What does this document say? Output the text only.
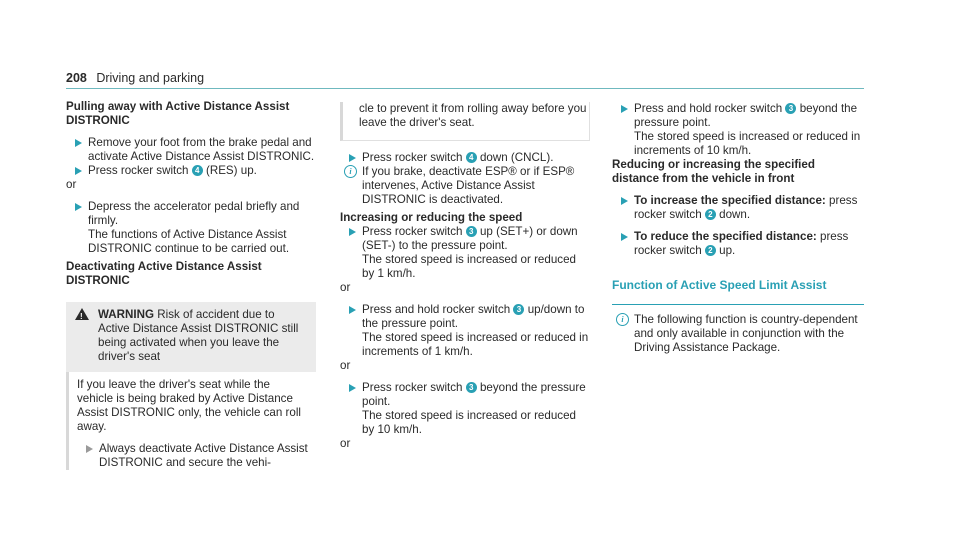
208 Driving and parking

Pulling away with Active Distance Assist DISTRONIC

Remove your foot from the brake pedal and activate Active Distance Assist DISTRONIC.
Press rocker switch 4 (RES) up.

or

Depress the accelerator pedal briefly and firmly.
The functions of Active Distance Assist DISTRONIC continue to be carried out.

Deactivating Active Distance Assist DISTRONIC

!
WARNING Risk of accident due to Active Distance Assist DISTRONIC still being activated when you leave the driver's seat

If you leave the driver's seat while the vehicle is being braked by Active Distance Assist DISTRONIC only, the vehicle can roll away.

Always deactivate Active Distance Assist DISTRONIC and secure the vehi-
cle to prevent it from rolling away before you leave the driver's seat.
Press rocker switch 4 down (CNCL).
i If you brake, deactivate ESP® or if ESP® intervenes, Active Distance Assist DISTRONIC is deactivated.

Increasing or reducing the speed

Press rocker switch 3 up (SET+) or down (SET-) to the pressure point.
The stored speed is increased or reduced by 1 km/h.

or

Press and hold rocker switch 3 up/down to the pressure point.
The stored speed is increased or reduced in increments of 1 km/h.

or

Press rocker switch 3 beyond the pressure point.
The stored speed is increased or reduced by 10 km/h.

or

Press and hold rocker switch 3 beyond the pressure point.
The stored speed is increased or reduced in increments of 10 km/h.

Reducing or increasing the specified distance from the vehicle in front

To increase the specified distance: press rocker switch 2 down.
To reduce the specified distance: press rocker switch 2 up.

Function of Active Speed Limit Assist

i The following function is country-dependent and only available in conjunction with the Driving Assistance Package.
